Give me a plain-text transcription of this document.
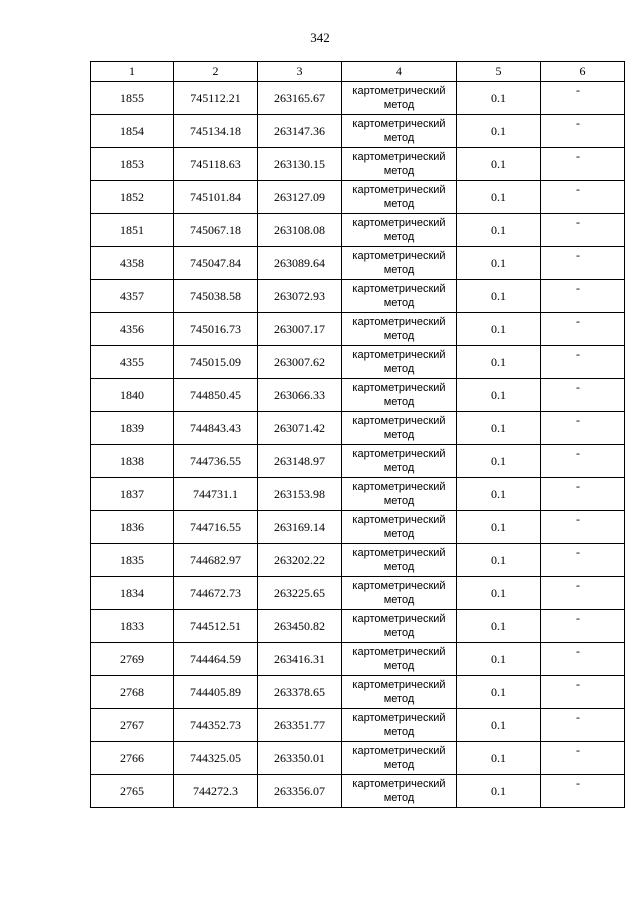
342
1	2	3	4	5	6
1855	745112.21	263165.67	картометрический метод	0.1	-
1854	745134.18	263147.36	картометрический метод	0.1	-
1853	745118.63	263130.15	картометрический метод	0.1	-
1852	745101.84	263127.09	картометрический метод	0.1	-
1851	745067.18	263108.08	картометрический метод	0.1	-
4358	745047.84	263089.64	картометрический метод	0.1	-
4357	745038.58	263072.93	картометрический метод	0.1	-
4356	745016.73	263007.17	картометрический метод	0.1	-
4355	745015.09	263007.62	картометрический метод	0.1	-
1840	744850.45	263066.33	картометрический метод	0.1	-
1839	744843.43	263071.42	картометрический метод	0.1	-
1838	744736.55	263148.97	картометрический метод	0.1	-
1837	744731.1	263153.98	картометрический метод	0.1	-
1836	744716.55	263169.14	картометрический метод	0.1	-
1835	744682.97	263202.22	картометрический метод	0.1	-
1834	744672.73	263225.65	картометрический метод	0.1	-
1833	744512.51	263450.82	картометрический метод	0.1	-
2769	744464.59	263416.31	картометрический метод	0.1	-
2768	744405.89	263378.65	картометрический метод	0.1	-
2767	744352.73	263351.77	картометрический метод	0.1	-
2766	744325.05	263350.01	картометрический метод	0.1	-
2765	744272.3	263356.07	картометрический метод	0.1	-
